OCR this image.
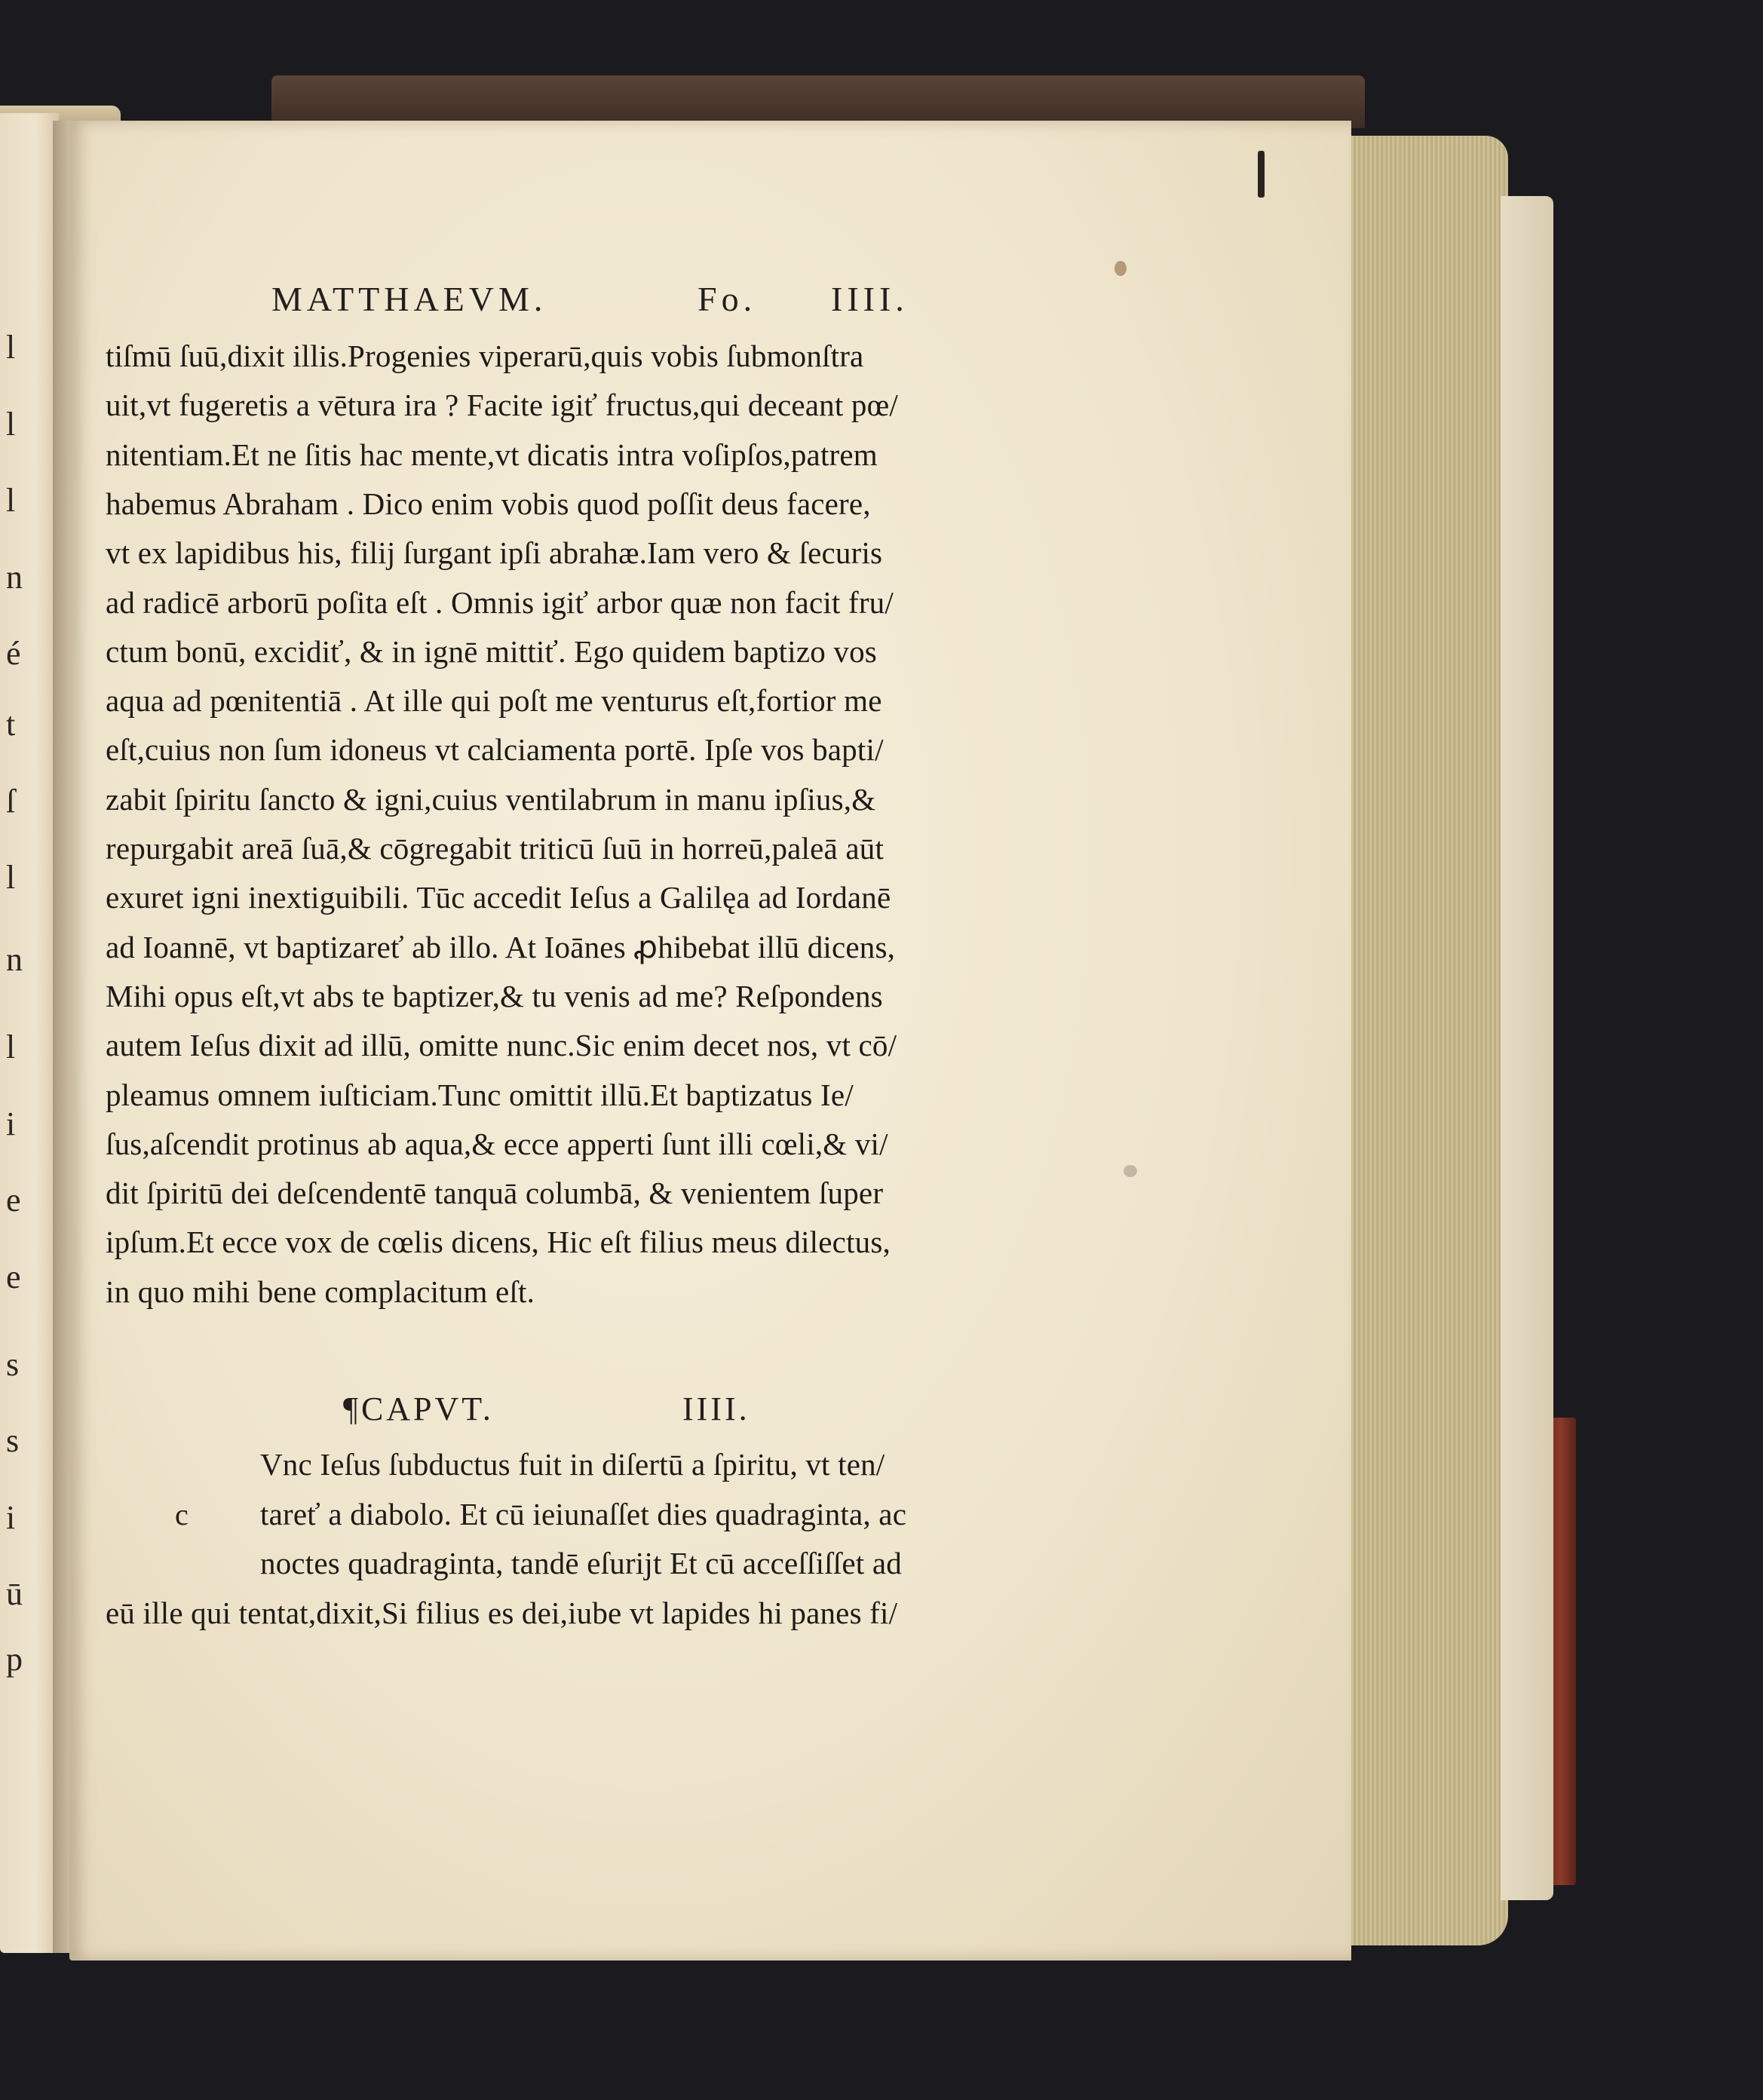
l
l
l
n
é
t
ſ
l
n
l
i
e
e
s
s
i
ū
p
MATTHAEVM.	Fo. IIII.
tiſmū ſuū,dixit illis.Progenies viperarū,quis vobis ſubmonſtra
uit,vt fugeretis a vētura ira ? Facite igiť fructus,qui deceant pœ/
nitentiam.Et ne ſitis hac mente,vt dicatis intra voſipſos,patrem
habemus Abraham . Dico enim vobis quod poſſit deus facere,
vt ex lapidibus his, filij ſurgant ipſi abrahæ.Iam vero & ſecuris
ad radicē arborū poſita eſt . Omnis igiť arbor quæ non facit fru/
ctum bonū, excidiť, & in ignē mittiť. Ego quidem baptizo vos
aqua ad pœnitentiā . At ille qui poſt me venturus eſt,fortior me
eſt,cuius non ſum idoneus vt calciamenta portē. Ipſe vos bapti/
zabit ſpiritu ſancto & igni,cuius ventilabrum in manu ipſius,&
repurgabit areā ſuā,& cōgregabit triticū ſuū in horreū,paleā aūt
exuret igni inextiguibili. Tūc accedit Ieſus a Galilęa ad Iordanē
ad Ioannē, vt baptizareť ab illo. At Ioānes ꝓhibebat illū dicens,
Mihi opus eſt,vt abs te baptizer,& tu venis ad me? Reſpondens
autem Ieſus dixit ad illū, omitte nunc.Sic enim decet nos, vt cō/
pleamus omnem iuſticiam.Tunc omittit illū.Et baptizatus Ie/
ſus,aſcendit protinus ab aqua,& ecce apperti ſunt illi cœli,& vi/
dit ſpiritū dei deſcendentē tanquā columbā, & venientem ſuper
ipſum.Et ecce vox de cœlis dicens, Hic eſt filius meus dilectus,
in quo mihi bene complacitum eſt.
¶CAPVT.	IIII.
c
Vnc Ieſus ſubductus fuit in diſertū a ſpiritu, vt ten/
tareť a diabolo. Et cū ieiunaſſet dies quadraginta, ac
noctes quadraginta, tandē eſurijt Et cū acceſſiſſet ad
eū ille qui tentat,dixit,Si filius es dei,iube vt lapides hi panes fi/
